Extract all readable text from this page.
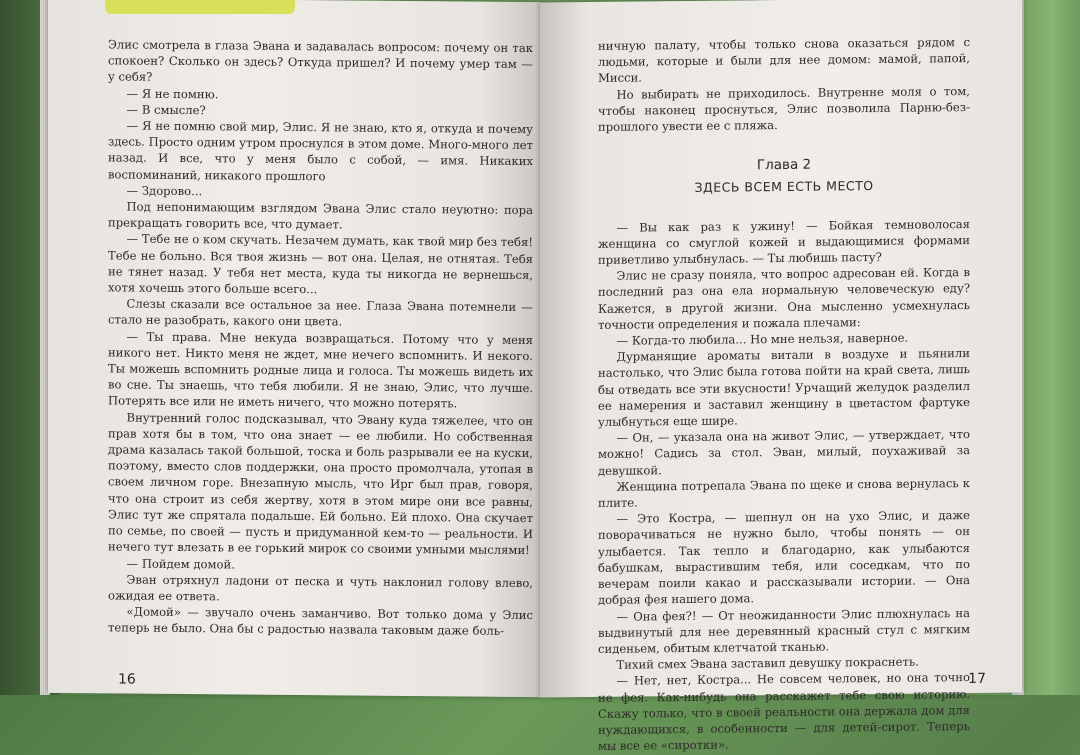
Элис смотрела в глаза Эвана и задавалась вопросом: почему он так спокоен? Сколько он здесь? Откуда пришел? И почему умер там — у себя?

— Я не помню.

— В смысле?

— Я не помню свой мир, Элис. Я не знаю, кто я, откуда и почему здесь. Просто одним утром проснулся в этом доме. Много-много лет назад. И все, что у меня было с собой, — имя. Никаких воспоминаний, никакого прошлого

— Здорово...

Под непонимающим взглядом Эвана Элис стало неуютно: пора прекращать говорить все, что думает.

— Тебе не о ком скучать. Незачем думать, как твой мир без тебя! Тебе не больно. Вся твоя жизнь — вот она. Целая, не отнятая. Тебя не тянет назад. У тебя нет места, куда ты никогда не вернешься, хотя хочешь этого больше всего...

Слезы сказали все остальное за нее. Глаза Эвана потемнели — стало не разобрать, какого они цвета.

— Ты права. Мне некуда возвращаться. Потому что у меня никого нет. Никто меня не ждет, мне нечего вспомнить. И некого. Ты можешь вспомнить родные лица и голоса. Ты можешь видеть их во сне. Ты знаешь, что тебя любили. Я не знаю, Элис, что лучше. Потерять все или не иметь ничего, что можно потерять.

Внутренний голос подсказывал, что Эвану куда тяжелее, что он прав хотя бы в том, что она знает — ее любили. Но собственная драма казалась такой большой, тоска и боль разрывали ее на куски, поэтому, вместо слов поддержки, она просто промолчала, утопая в своем личном горе. Внезапную мысль, что Ирг был прав, говоря, что она строит из себя жертву, хотя в этом мире они все равны, Элис тут же спрятала подальше. Ей больно. Ей плохо. Она скучает по семье, по своей — пусть и придуманной кем-то — реальности. И нечего тут влезать в ее горький мирок со своими умными мыслями!

— Пойдем домой.

Эван отряхнул ладони от песка и чуть наклонил голову влево, ожидая ее ответа.

«Домой» — звучало очень заманчиво. Вот только дома у Элис теперь не было. Она бы с радостью назвала таковым даже боль-

16

ничную палату, чтобы только снова оказаться рядом с людьми, которые и были для нее домом: мамой, папой, Мисси.

Но выбирать не приходилось. Внутренне моля о том, чтобы наконец проснуться, Элис позволила Парню-без-прошлого увести ее с пляжа.

Глава 2
ЗДЕСЬ ВСЕМ ЕСТЬ МЕСТО

— Вы как раз к ужину! — Бойкая темноволосая женщина со смуглой кожей и выдающимися формами приветливо улыбнулась. — Ты любишь пасту?

Элис не сразу поняла, что вопрос адресован ей. Когда в последний раз она ела нормальную человеческую еду? Кажется, в другой жизни. Она мысленно усмехнулась точности определения и пожала плечами:

— Когда-то любила... Но мне нельзя, наверное.

Дурманящие ароматы витали в воздухе и пьянили настолько, что Элис была готова пойти на край света, лишь бы отведать все эти вкусности! Урчащий желудок разделил ее намерения и заставил женщину в цветастом фартуке улыбнуться еще шире.

— Он, — указала она на живот Элис, — утверждает, что можно! Садись за стол. Эван, милый, поухаживай за девушкой.

Женщина потрепала Эвана по щеке и снова вернулась к плите.

— Это Костра, — шепнул он на ухо Элис, и даже поворачиваться не нужно было, чтобы понять — он улыбается. Так тепло и благодарно, как улыбаются бабушкам, вырастившим тебя, или соседкам, что по вечерам поили какао и рассказывали истории. — Она добрая фея нашего дома.

— Она фея?! — От неожиданности Элис плюхнулась на выдвинутый для нее деревянный красный стул с мягким сиденьем, обитым клетчатой тканью.

Тихий смех Эвана заставил девушку покраснеть.

— Нет, нет, Костра... Не совсем человек, но она точно не фея. Как-нибудь она расскажет тебе свою историю. Скажу только, что в своей реальности она держала дом для нуждающихся, в особенности — для детей-сирот. Теперь мы все ее «сиротки».

17
